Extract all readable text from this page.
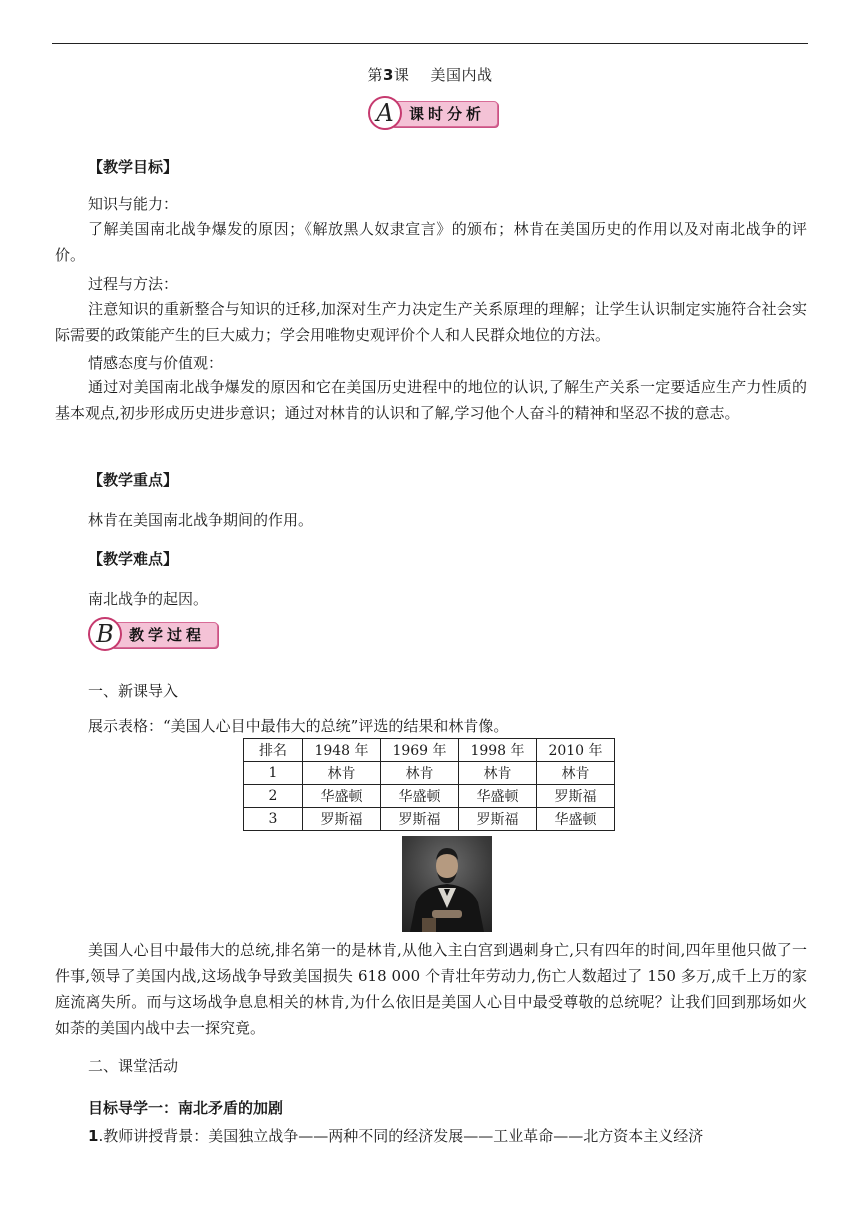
第3课 美国内战
A	课时分析
【教学目标】
知识与能力：
了解美国南北战争爆发的原因；《解放黑人奴隶宣言》的颁布；林肯在美国历史的作用以及对南北战争的评价。
过程与方法：
注意知识的重新整合与知识的迁移,加深对生产力决定生产关系原理的理解；让学生认识制定实施符合社会实际需要的政策能产生的巨大威力；学会用唯物史观评价个人和人民群众地位的方法。
情感态度与价值观：
通过对美国南北战争爆发的原因和它在美国历史进程中的地位的认识,了解生产关系一定要适应生产力性质的基本观点,初步形成历史进步意识；通过对林肯的认识和了解,学习他个人奋斗的精神和坚忍不拔的意志。
【教学重点】
林肯在美国南北战争期间的作用。
【教学难点】
南北战争的起因。
B	教学过程
一、新课导入
展示表格：“美国人心目中最伟大的总统”评选的结果和林肯像。
排名	1948 年	1969 年	1998 年	2010 年
1	林肯	林肯	林肯	林肯
2	华盛顿	华盛顿	华盛顿	罗斯福
3	罗斯福	罗斯福	罗斯福	华盛顿
美国人心目中最伟大的总统,排名第一的是林肯,从他入主白宫到遇刺身亡,只有四年的时间,四年里他只做了一件事,领导了美国内战,这场战争导致美国损失 618 000 个青壮年劳动力,伤亡人数超过了 150 多万,成千上万的家庭流离失所。而与这场战争息息相关的林肯,为什么依旧是美国人心目中最受尊敬的总统呢？让我们回到那场如火如荼的美国内战中去一探究竟。
二、课堂活动
目标导学一：南北矛盾的加剧
1.教师讲授背景：美国独立战争——两种不同的经济发展——工业革命——北方资本主义经济
